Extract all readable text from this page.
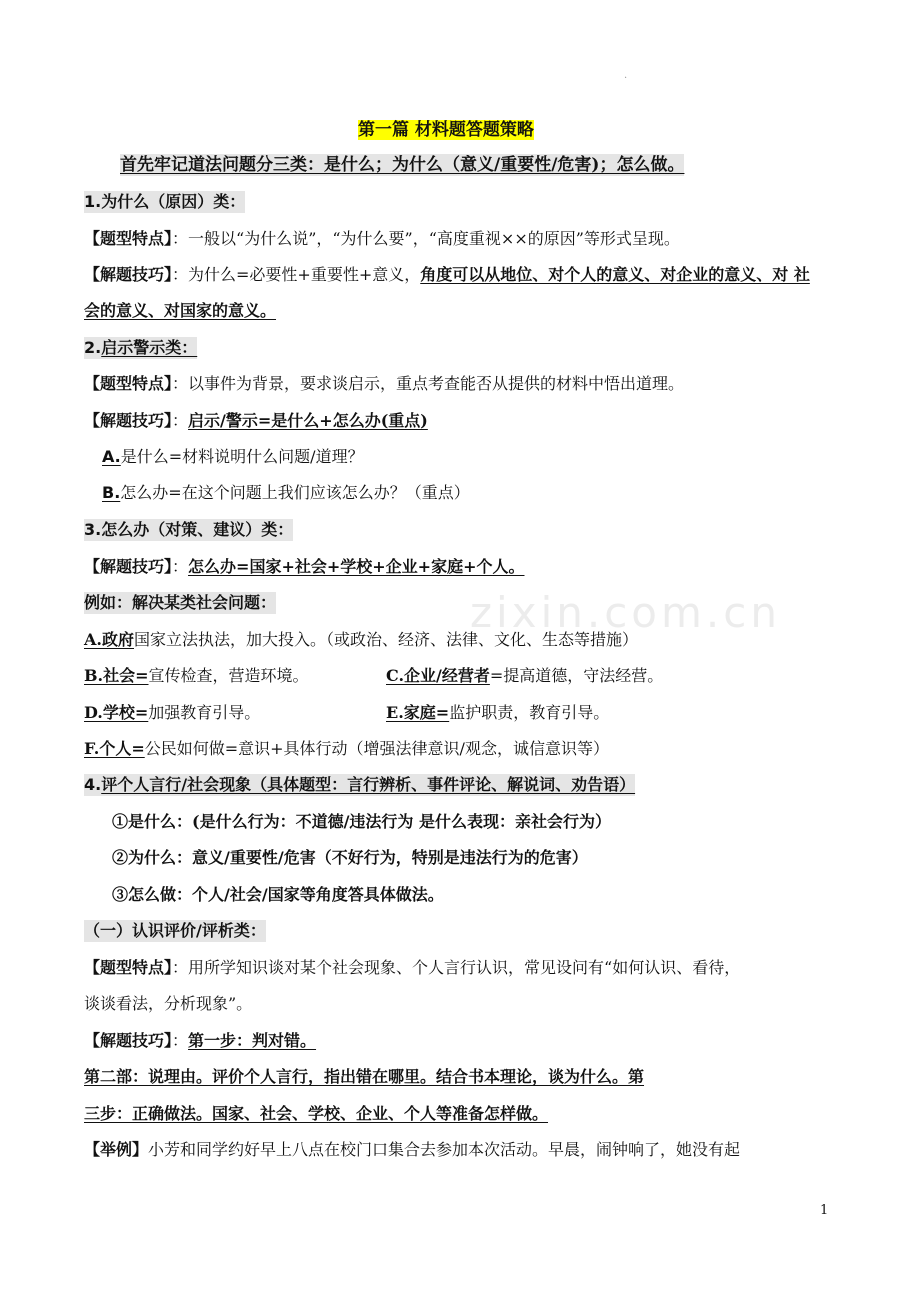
.
zixin.com.cn
第一篇 材料题答题策略
首先牢记道法问题分三类：是什么；为什么（意义/重要性/危害)；怎么做。
1.为什么（原因）类：
【题型特点】：一般以“为什么说”，“为什么要”，“高度重视××的原因”等形式呈现。
【解题技巧】：为什么=必要性+重要性+意义，角度可以从地位、对个人的意义、对企业的意义、对 社
会的意义、对国家的意义。
2.启示警示类：
【题型特点】：以事件为背景，要求谈启示，重点考查能否从提供的材料中悟出道理。
【解题技巧】：启示/警示=是什么+怎么办(重点)
A.是什么=材料说明什么问题/道理？
B.怎么办=在这个问题上我们应该怎么办？（重点）
3.怎么办（对策、建议）类：
【解题技巧】：怎么办=国家+社会+学校+企业+家庭+个人。
例如：解决某类社会问题：
A.政府国家立法执法，加大投入。（或政治、经济、法律、文化、生态等措施）
B.社会=宣传检查，营造环境。	C.企业/经营者=提高道德，守法经营。
D.学校=加强教育引导。	E.家庭=监护职责，教育引导。
F.个人=公民如何做=意识+具体行动（增强法律意识/观念，诚信意识等）
4.评个人言行/社会现象（具体题型：言行辨析、事件评论、解说词、劝告语）
①是什么：(是什么行为：不道德/违法行为 是什么表现：亲社会行为）
②为什么：意义/重要性/危害（不好行为，特别是违法行为的危害）
③怎么做：个人/社会/国家等角度答具体做法。
（一）认识评价/评析类：
【题型特点】：用所学知识谈对某个社会现象、个人言行认识，常见设问有“如何认识、看待，
谈谈看法，分析现象”。
【解题技巧】：第一步：判对错。
第二部：说理由。评价个人言行，指出错在哪里。结合书本理论，谈为什么。第
三步：正确做法。国家、社会、学校、企业、个人等准备怎样做。
【举例】小芳和同学约好早上八点在校门口集合去参加本次活动。早晨，闹钟响了，她没有起
1
